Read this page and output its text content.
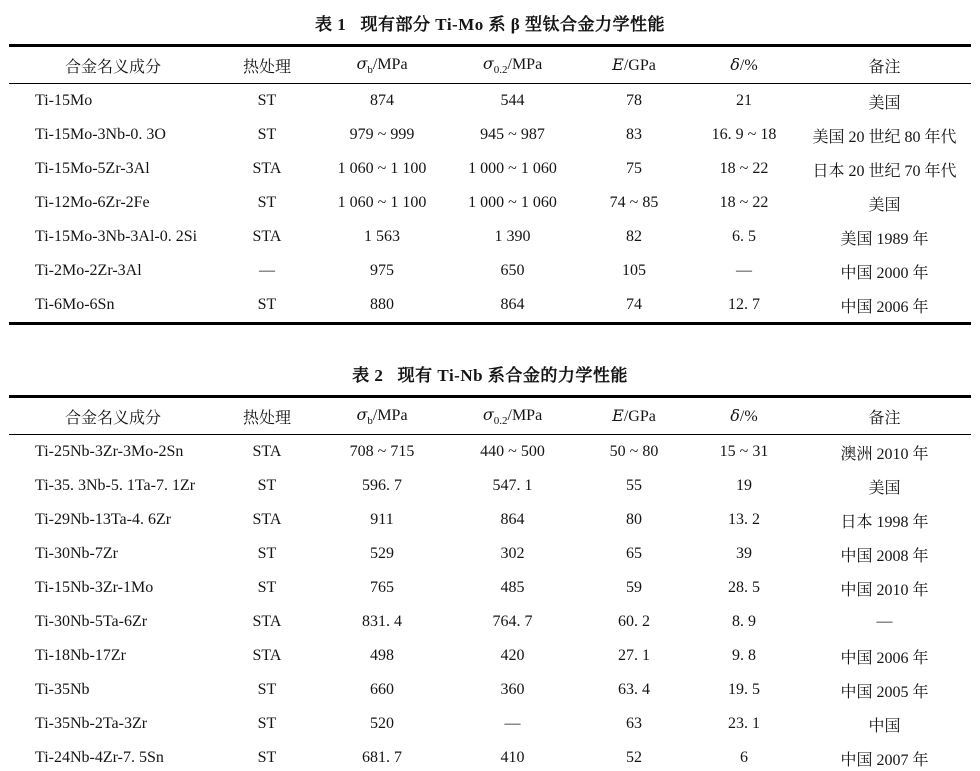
表 1   现有部分 Ti-Mo 系 β 型钛合金力学性能
合金名义成分	热处理	$\sigma_b$/MPa	$\sigma_{0.2}$/MPa	E/GPa	δ/%	备注
Ti-15Mo	ST	874	544	78	21	美国
Ti-15Mo-3Nb-0. 3O	ST	979 ~ 999	945 ~ 987	83	16. 9 ~ 18	美国 20 世纪 80 年代
Ti-15Mo-5Zr-3Al	STA	1 060 ~ 1 100	1 000 ~ 1 060	75	18 ~ 22	日本 20 世纪 70 年代
Ti-12Mo-6Zr-2Fe	ST	1 060 ~ 1 100	1 000 ~ 1 060	74 ~ 85	18 ~ 22	美国
Ti-15Mo-3Nb-3Al-0. 2Si	STA	1 563	1 390	82	6. 5	美国 1989 年
Ti-2Mo-2Zr-3Al	—	975	650	105	—	中国 2000 年
Ti-6Mo-6Sn	ST	880	864	74	12. 7	中国 2006 年
表 2   现有 Ti-Nb 系合金的力学性能
合金名义成分	热处理	$\sigma_b$/MPa	$\sigma_{0.2}$/MPa	E/GPa	δ/%	备注
Ti-25Nb-3Zr-3Mo-2Sn	STA	708 ~ 715	440 ~ 500	50 ~ 80	15 ~ 31	澳洲 2010 年
Ti-35. 3Nb-5. 1Ta-7. 1Zr	ST	596. 7	547. 1	55	19	美国
Ti-29Nb-13Ta-4. 6Zr	STA	911	864	80	13. 2	日本 1998 年
Ti-30Nb-7Zr	ST	529	302	65	39	中国 2008 年
Ti-15Nb-3Zr-1Mo	ST	765	485	59	28. 5	中国 2010 年
Ti-30Nb-5Ta-6Zr	STA	831. 4	764. 7	60. 2	8. 9	—
Ti-18Nb-17Zr	STA	498	420	27. 1	9. 8	中国 2006 年
Ti-35Nb	ST	660	360	63. 4	19. 5	中国 2005 年
Ti-35Nb-2Ta-3Zr	ST	520	—	63	23. 1	中国
Ti-24Nb-4Zr-7. 5Sn	ST	681. 7	410	52	6	中国 2007 年
